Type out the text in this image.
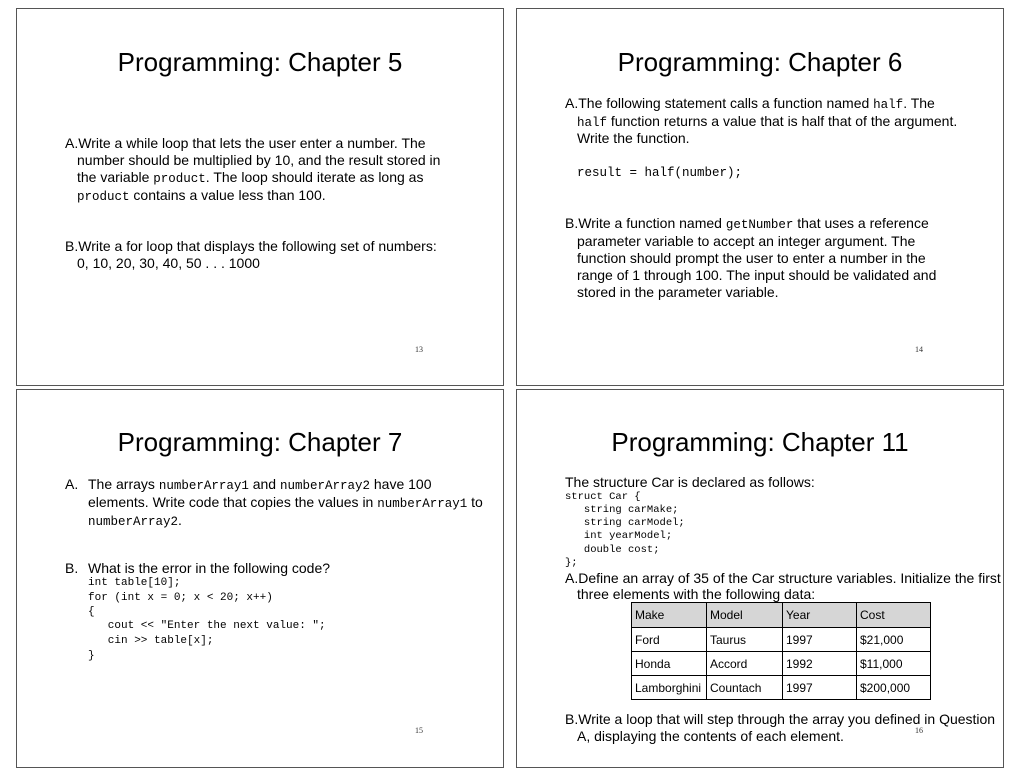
Programming: Chapter 5
A.Write a while loop that lets the user enter a number. The
number should be multiplied by 10, and the result stored in
the variable product. The loop should iterate as long as
product contains a value less than 100.
B.Write a for loop that displays the following set of numbers:
0, 10, 20, 30, 40, 50 . . . 1000
13
Programming: Chapter 6
A.The following statement calls a function named half. The
half function returns a value that is half that of the argument.
Write the function.
result = half(number);
B.Write a function named getNumber that uses a reference
parameter variable to accept an integer argument. The
function should prompt the user to enter a number in the
range of 1 through 100. The input should be validated and
stored in the parameter variable.
14
Programming: Chapter 7
A. The arrays numberArray1 and numberArray2 have 100
elements. Write code that copies the values in numberArray1 to
numberArray2.
B. What is the error in the following code?
int table[10];
for (int x = 0; x < 20; x++)
{
cout << "Enter the next value: ";
cin >> table[x];
}
15
Programming: Chapter 11
The structure Car is declared as follows:
struct Car {
string carMake;
string carModel;
int yearModel;
double cost;
};
A.Define an array of 35 of the Car structure variables. Initialize the first
three elements with the following data:
Make	Model	Year	Cost
Ford	Taurus	1997	$21,000
Honda	Accord	1992	$11,000
Lamborghini	Countach	1997	$200,000
B.Write a loop that will step through the array you defined in Question
A, displaying the contents of each element.	16
